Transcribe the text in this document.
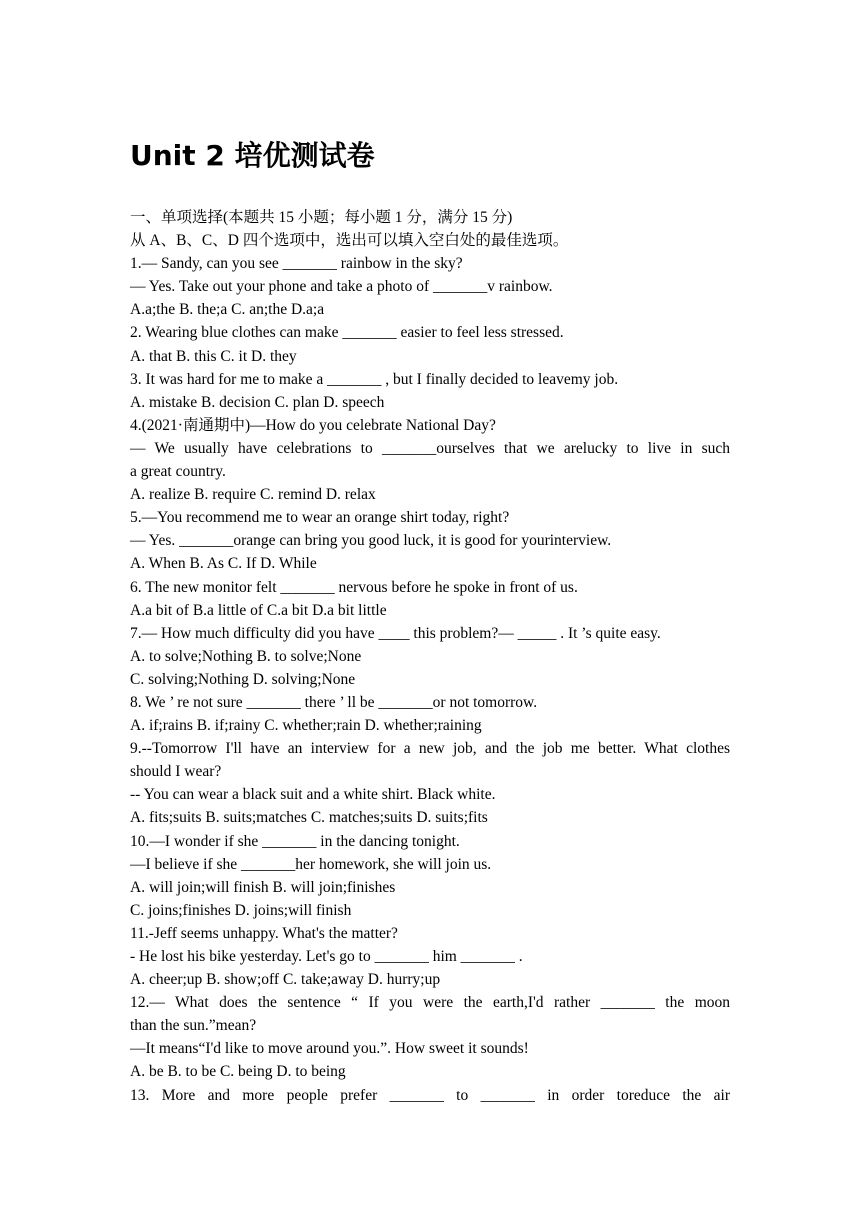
Unit 2 培优测试卷
一、单项选择(本题共 15 小题；每小题 1 分，满分 15 分)
从 A、B、C、D 四个选项中，选出可以填入空白处的最佳选项。
1.— Sandy, can you see _______ rainbow in the sky?
— Yes. Take out your phone and take a photo of _______v rainbow.
A.a;the B. the;a C. an;the D.a;a
2. Wearing blue clothes can make _______ easier to feel less stressed.
A. that B. this C. it D. they
3. It was hard for me to make a _______ , but I finally decided to leavemy job.
A. mistake B. decision C. plan D. speech
4.(2021·南通期中)—How do you celebrate National Day?
— We usually have celebrations to _______ourselves that we arelucky to live in such
a great country.
A. realize B. require C. remind D. relax
5.—You recommend me to wear an orange shirt today, right?
— Yes. _______orange can bring you good luck, it is good for yourinterview.
A. When B. As C. If D. While
6. The new monitor felt _______ nervous before he spoke in front of us.
A.a bit of B.a little of C.a bit D.a bit little
7.— How much difficulty did you have ____ this problem?— _____ . It ’s quite easy.
A. to solve;Nothing B. to solve;None
C. solving;Nothing D. solving;None
8. We ’ re not sure _______ there ’ ll be _______or not tomorrow.
A. if;rains B. if;rainy C. whether;rain D. whether;raining
9.--Tomorrow I'll have an interview for a new job, and the job me better. What clothes
should I wear?
-- You can wear a black suit and a white shirt. Black white.
A. fits;suits B. suits;matches C. matches;suits D. suits;fits
10.—I wonder if she _______ in the dancing tonight.
—I believe if she _______her homework, she will join us.
A. will join;will finish B. will join;finishes
C. joins;finishes D. joins;will finish
11.-Jeff seems unhappy. What's the matter?
- He lost his bike yesterday. Let's go to _______ him _______ .
A. cheer;up B. show;off C. take;away D. hurry;up
12.— What does the sentence “ If you were the earth,I'd rather _______ the moon
than the sun.”mean?
—It means“I'd like to move around you.”. How sweet it sounds!
A. be B. to be C. being D. to being
13. More and more people prefer _______ to _______ in order toreduce the air
